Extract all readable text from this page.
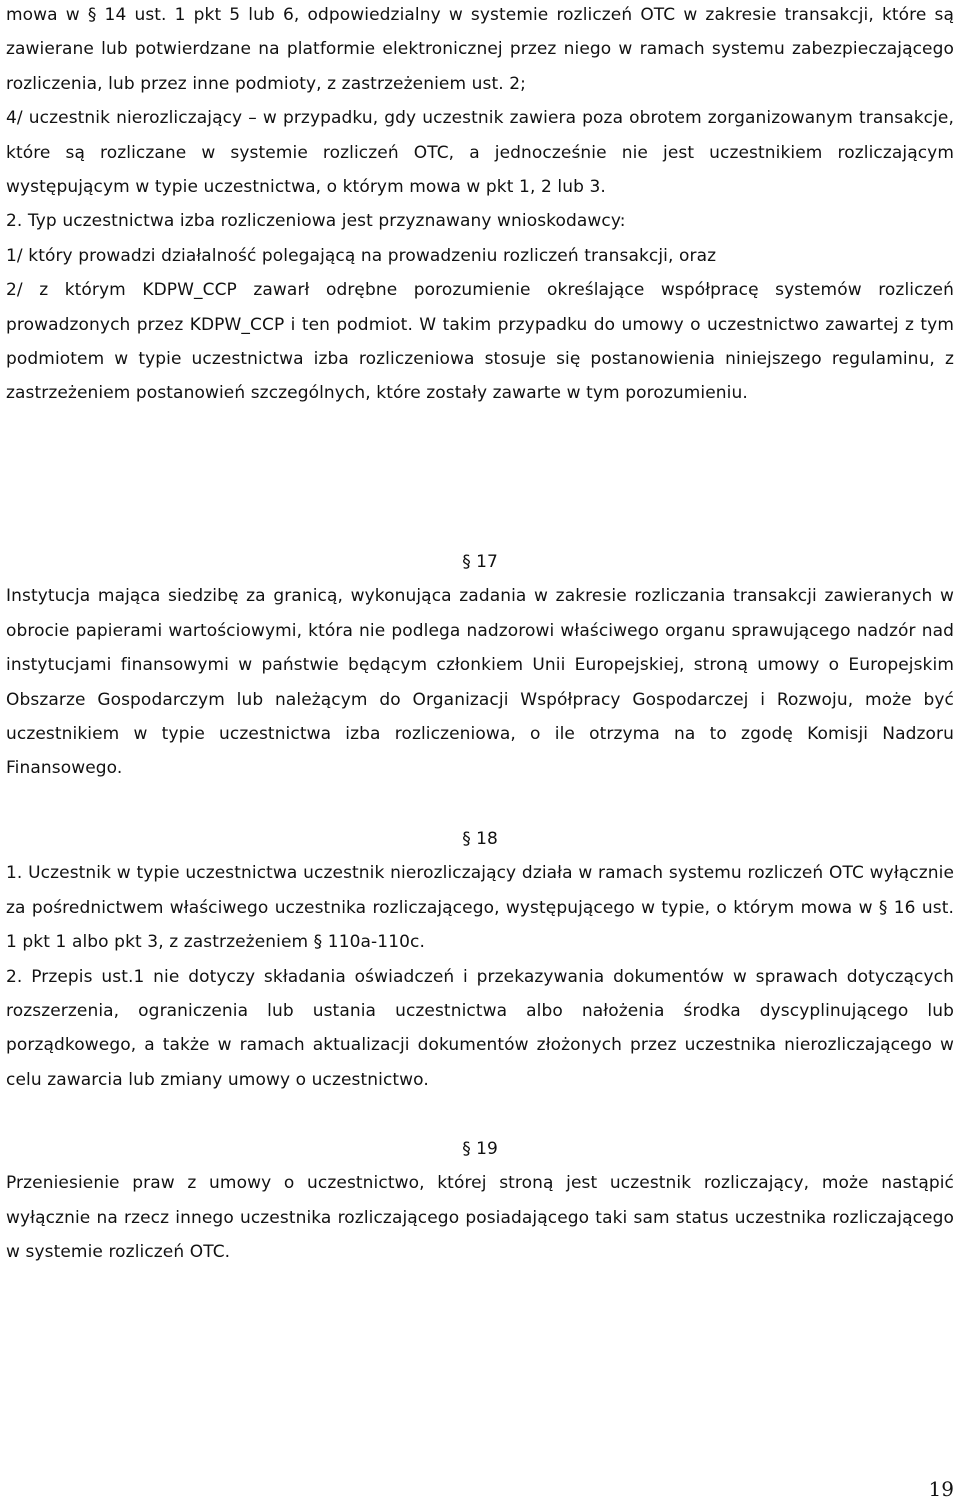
mowa w § 14 ust. 1 pkt 5 lub 6, odpowiedzialny w systemie rozliczeń OTC w zakresie transakcji, które są zawierane lub potwierdzane na platformie elektronicznej przez niego w ramach systemu zabezpieczającego rozliczenia, lub przez inne podmioty, z zastrzeżeniem ust. 2;

4/ uczestnik nierozliczający – w przypadku, gdy uczestnik zawiera poza obrotem zorganizowanym transakcje, które są rozliczane w systemie rozliczeń OTC, a jednocześnie nie jest uczestnikiem rozliczającym występującym w typie uczestnictwa, o którym mowa w pkt 1, 2 lub 3.

2. Typ uczestnictwa izba rozliczeniowa jest przyznawany wnioskodawcy:

1/ który prowadzi działalność polegającą na prowadzeniu rozliczeń transakcji, oraz

2/ z którym KDPW_CCP zawarł odrębne porozumienie określające współpracę systemów rozliczeń prowadzonych przez KDPW_CCP i ten podmiot. W takim przypadku do umowy o uczestnictwo zawartej z tym podmiotem w typie uczestnictwa izba rozliczeniowa stosuje się postanowienia niniejszego regulaminu, z zastrzeżeniem postanowień szczególnych, które zostały zawarte w tym porozumieniu.

§ 17

Instytucja mająca siedzibę za granicą, wykonująca zadania w zakresie rozliczania transakcji zawieranych w obrocie papierami wartościowymi, która nie podlega nadzorowi właściwego organu sprawującego nadzór nad instytucjami finansowymi w państwie będącym członkiem Unii Europejskiej, stroną umowy o Europejskim Obszarze Gospodarczym lub należącym do Organizacji Współpracy Gospodarczej i Rozwoju, może być uczestnikiem w typie uczestnictwa izba rozliczeniowa, o ile otrzyma na to zgodę Komisji Nadzoru Finansowego.

§ 18

1. Uczestnik w typie uczestnictwa uczestnik nierozliczający działa w ramach systemu rozliczeń OTC wyłącznie za pośrednictwem właściwego uczestnika rozliczającego, występującego w typie, o którym mowa w § 16 ust. 1 pkt 1 albo pkt 3, z zastrzeżeniem § 110a-110c.

2. Przepis ust.1 nie dotyczy składania oświadczeń i przekazywania dokumentów w sprawach dotyczących rozszerzenia, ograniczenia lub ustania uczestnictwa albo nałożenia środka dyscyplinującego lub porządkowego, a także w ramach aktualizacji dokumentów złożonych przez uczestnika nierozliczającego w celu zawarcia lub zmiany umowy o uczestnictwo.

§ 19

Przeniesienie praw z umowy o uczestnictwo, której stroną jest uczestnik rozliczający, może nastąpić wyłącznie na rzecz innego uczestnika rozliczającego posiadającego taki sam status uczestnika rozliczającego w systemie rozliczeń OTC.

19
